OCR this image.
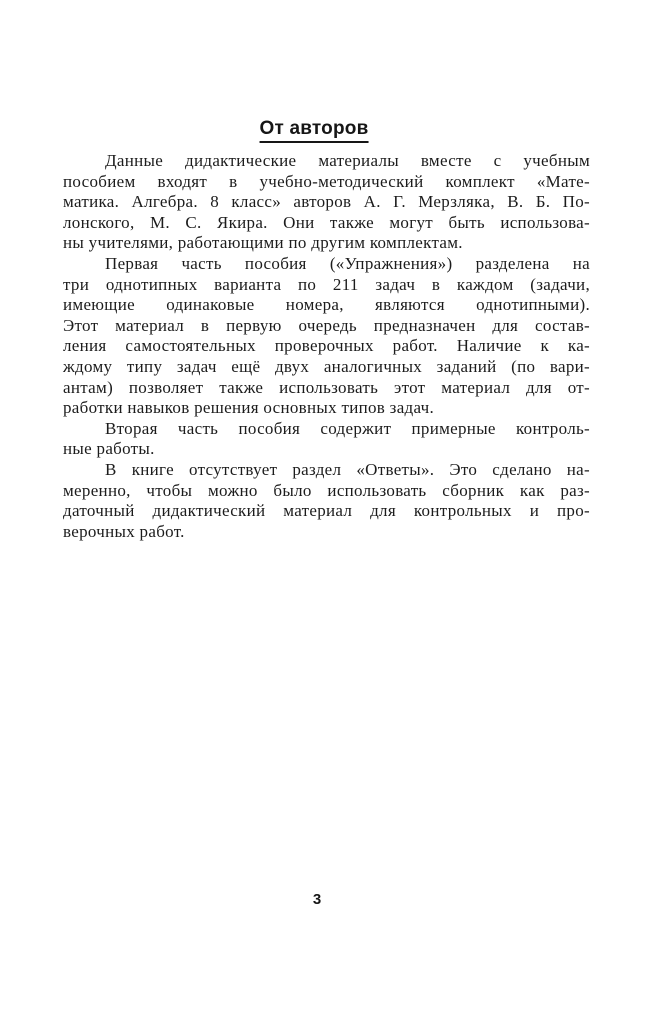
От авторов
Данные дидактические материалы вместе с учебным
пособием входят в учебно-методический комплект «Мате-
матика. Алгебра. 8 класс» авторов А. Г. Мерзляка, В. Б. По-
лонского, М. С. Якира. Они также могут быть использова-
ны учителями, работающими по другим комплектам.
Первая часть пособия («Упражнения») разделена на
три однотипных варианта по 211 задач в каждом (задачи,
имеющие одинаковые номера, являются однотипными).
Этот материал в первую очередь предназначен для состав-
ления самостоятельных проверочных работ. Наличие к ка-
ждому типу задач ещё двух аналогичных заданий (по вари-
антам) позволяет также использовать этот материал для от-
работки навыков решения основных типов задач.
Вторая часть пособия содержит примерные контроль-
ные работы.
В книге отсутствует раздел «Ответы». Это сделано на-
меренно, чтобы можно было использовать сборник как раз-
даточный дидактический материал для контрольных и про-
верочных работ.
3
